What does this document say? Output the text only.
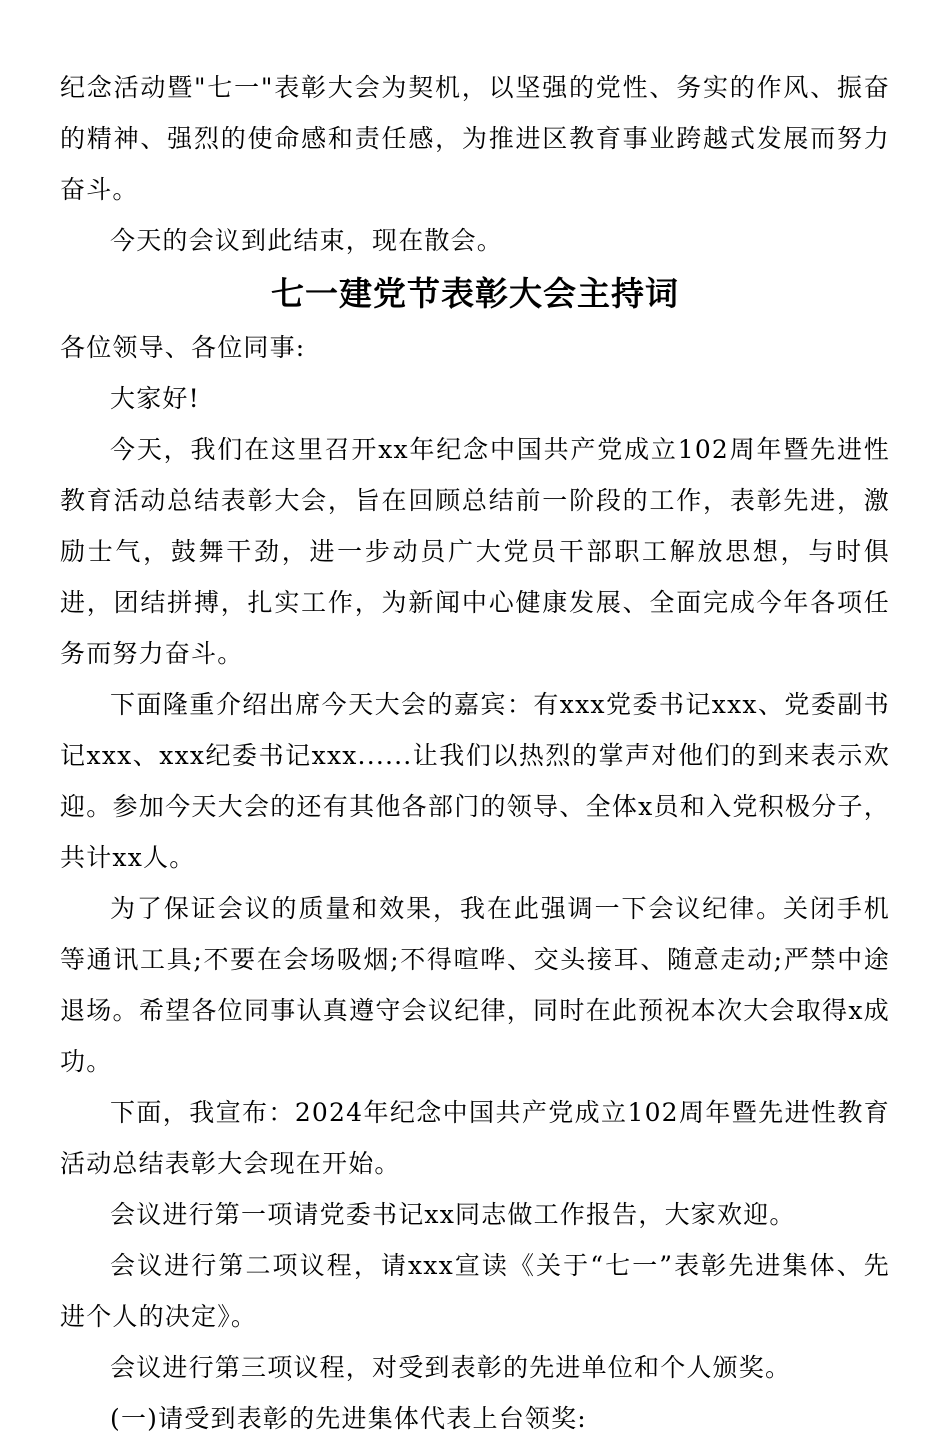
纪念活动暨"七一"表彰大会为契机，以坚强的党性、务实的作风、振奋的精神、强烈的使命感和责任感，为推进区教育事业跨越式发展而努力奋斗。

今天的会议到此结束，现在散会。

七一建党节表彰大会主持词

各位领导、各位同事:

大家好!

今天，我们在这里召开xx年纪念中国共产党成立102周年暨先进性教育活动总结表彰大会，旨在回顾总结前一阶段的工作，表彰先进，激励士气，鼓舞干劲，进一步动员广大党员干部职工解放思想，与时俱进，团结拼搏，扎实工作，为新闻中心健康发展、全面完成今年各项任务而努力奋斗。

下面隆重介绍出席今天大会的嘉宾：有xxx党委书记xxx、党委副书记xxx、xxx纪委书记xxx......让我们以热烈的掌声对他们的到来表示欢迎。参加今天大会的还有其他各部门的领导、全体x员和入党积极分子，共计xx人。

为了保证会议的质量和效果，我在此强调一下会议纪律。关闭手机等通讯工具;不要在会场吸烟;不得喧哗、交头接耳、随意走动;严禁中途退场。希望各位同事认真遵守会议纪律，同时在此预祝本次大会取得x成功。

下面，我宣布：2024年纪念中国共产党成立102周年暨先进性教育活动总结表彰大会现在开始。

会议进行第一项请党委书记xx同志做工作报告，大家欢迎。

会议进行第二项议程，请xxx宣读《关于“七一”表彰先进集体、先进个人的决定》。

会议进行第三项议程，对受到表彰的先进单位和个人颁奖。

(一)请受到表彰的先进集体代表上台领奖:
